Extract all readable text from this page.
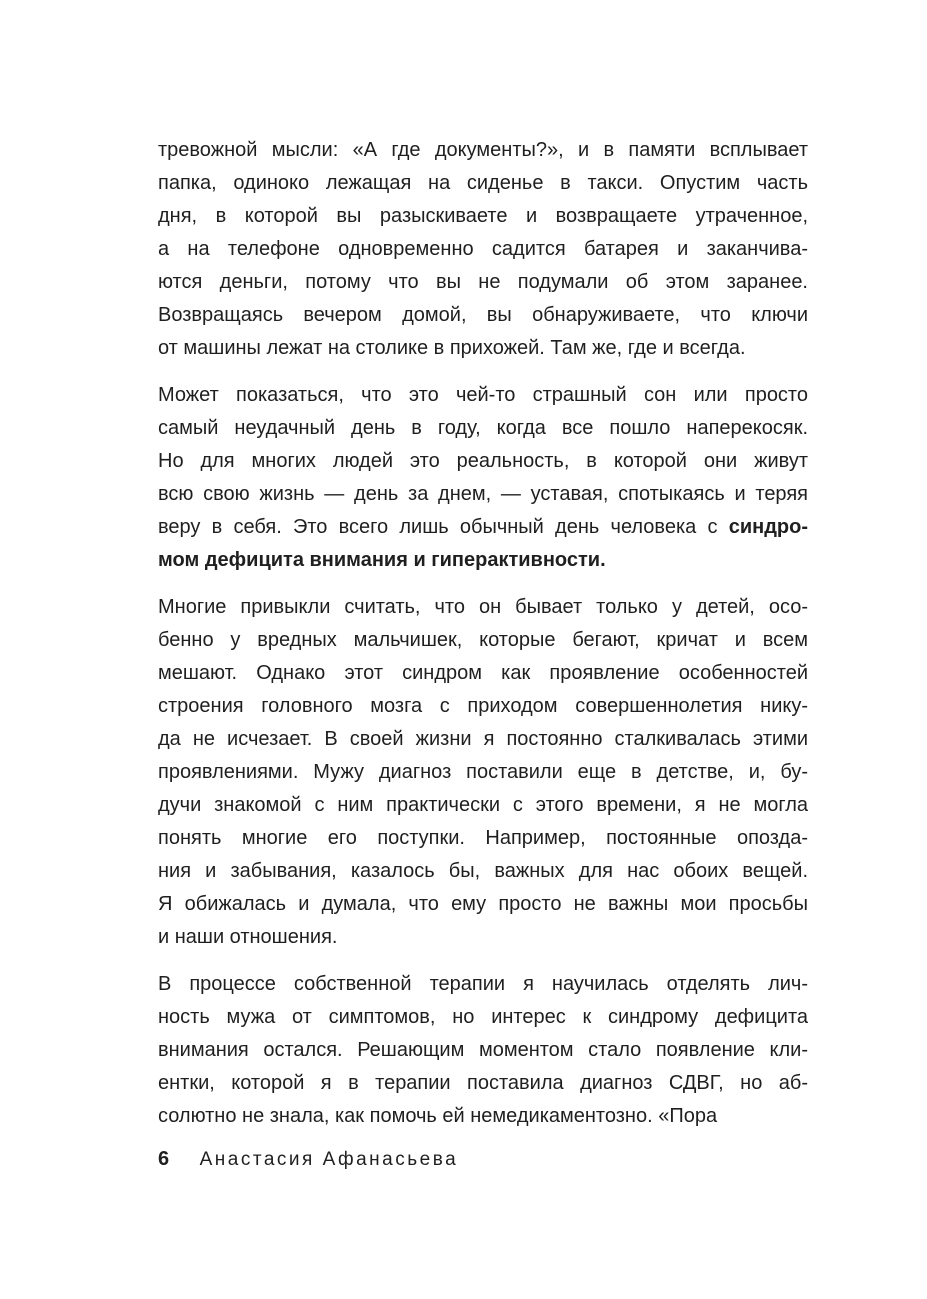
тревожной мысли: «А где документы?», и в памяти всплывает
папка, одиноко лежащая на сиденье в такси. Опустим часть
дня, в которой вы разыскиваете и возвращаете утраченное,
а на телефоне одновременно садится батарея и заканчива-
ются деньги, потому что вы не подумали об этом заранее.
Возвращаясь вечером домой, вы обнаруживаете, что ключи
от машины лежат на столике в прихожей. Там же, где и всегда.
Может показаться, что это чей-то страшный сон или просто
самый неудачный день в году, когда все пошло наперекосяк.
Но для многих людей это реальность, в которой они живут
всю свою жизнь — день за днем, — уставая, спотыкаясь и теряя
веру в себя. Это всего лишь обычный день человека с синдро-
мом дефицита внимания и гиперактивности.
Многие привыкли считать, что он бывает только у детей, осо-
бенно у вредных мальчишек, которые бегают, кричат и всем
мешают. Однако этот синдром как проявление особенностей
строения головного мозга с приходом совершеннолетия нику-
да не исчезает. В своей жизни я постоянно сталкивалась этими
проявлениями. Мужу диагноз поставили еще в детстве, и, бу-
дучи знакомой с ним практически с этого времени, я не могла
понять многие его поступки. Например, постоянные опозда-
ния и забывания, казалось бы, важных для нас обоих вещей.
Я обижалась и думала, что ему просто не важны мои просьбы
и наши отношения.
В процессе собственной терапии я научилась отделять лич-
ность мужа от симптомов, но интерес к синдрому дефицита
внимания остался. Решающим моментом стало появление кли-
ентки, которой я в терапии поставила диагноз СДВГ, но аб-
солютно не знала, как помочь ей немедикаментозно. «Пора
6 Анастасия Афанасьева
